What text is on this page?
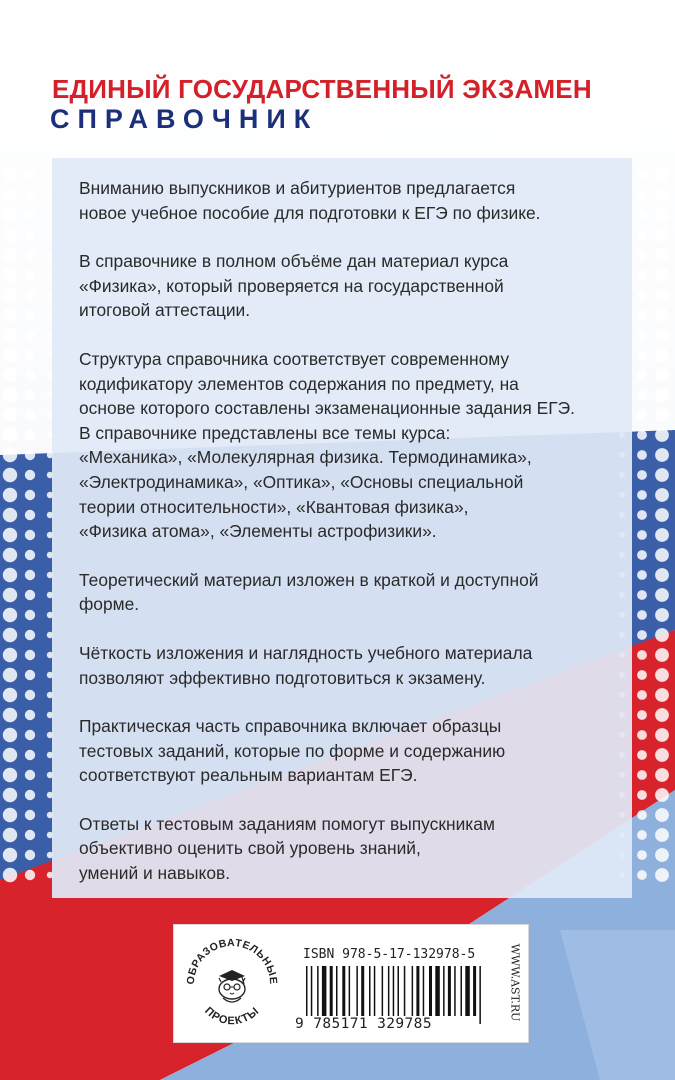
ЕДИНЫЙ ГОСУДАРСТВЕННЫЙ ЭКЗАМЕН
СПРАВОЧНИК

Вниманию выпускников и абитуриентов предлагается
новое учебное пособие для подготовки к ЕГЭ по физике.

В справочнике в полном объёме дан материал курса
«Физика», который проверяется на государственной
итоговой аттестации.

Структура справочника соответствует современному
кодификатору элементов содержания по предмету, на
основе которого составлены экзаменационные задания ЕГЭ.
В справочнике представлены все темы курса:
«Механика», «Молекулярная физика. Термодинамика»,
«Электродинамика», «Оптика», «Основы специальной
теории относительности», «Квантовая физика»,
«Физика атома», «Элементы астрофизики».

Теоретический материал изложен в краткой и доступной
форме.

Чёткость изложения и наглядность учебного материала
позволяют эффективно подготовиться к экзамену.

Практическая часть справочника включает образцы
тестовых заданий, которые по форме и содержанию
соответствуют реальным вариантам ЕГЭ.

Ответы к тестовым заданиям помогут выпускникам
объективно оценить свой уровень знаний,
умений и навыков.

ОБРАЗОВАТЕЛЬНЫЕ
ПРОЕКТЫ
ISBN 978-5-17-132978-5
9 785171 329785
WWW.AST.RU
